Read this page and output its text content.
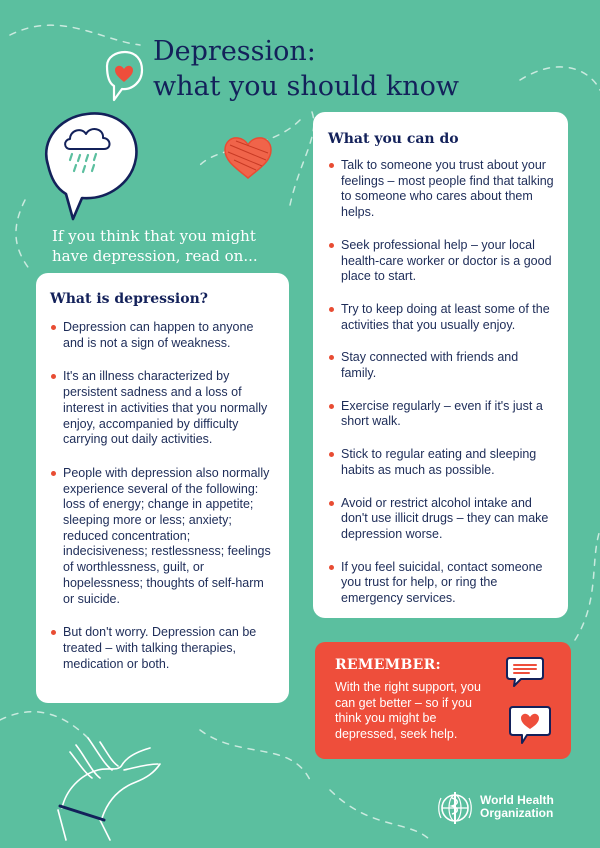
Depression:
what you should know
If you think that you might
have depression, read on...
What is depression?
Depression can happen to anyone and is not a sign of weakness.
It's an illness characterized by persistent sadness and a loss of interest in activities that you normally enjoy, accompanied by difficulty carrying out daily activities.
People with depression also normally experience several of the following: loss of energy; change in appetite; sleeping more or less; anxiety; reduced concentration; indecisiveness; restlessness; feelings of worthlessness, guilt, or hopelessness; thoughts of self-harm or suicide.
But don't worry. Depression can be treated – with talking therapies, medication or both.
What you can do
Talk to someone you trust about your feelings – most people find that talking to someone who cares about them helps.
Seek professional help – your local health-care worker or doctor is a good place to start.
Try to keep doing at least some of the activities that you usually enjoy.
Stay connected with friends and family.
Exercise regularly – even if it's just a short walk.
Stick to regular eating and sleeping habits as much as possible.
Avoid or restrict alcohol intake and don't use illicit drugs – they can make depression worse.
If you feel suicidal, contact someone you trust for help, or ring the emergency services.
REMEMBER:

With the right support, you can get better – so if you think you might be depressed, seek help.

World Health
Organization
